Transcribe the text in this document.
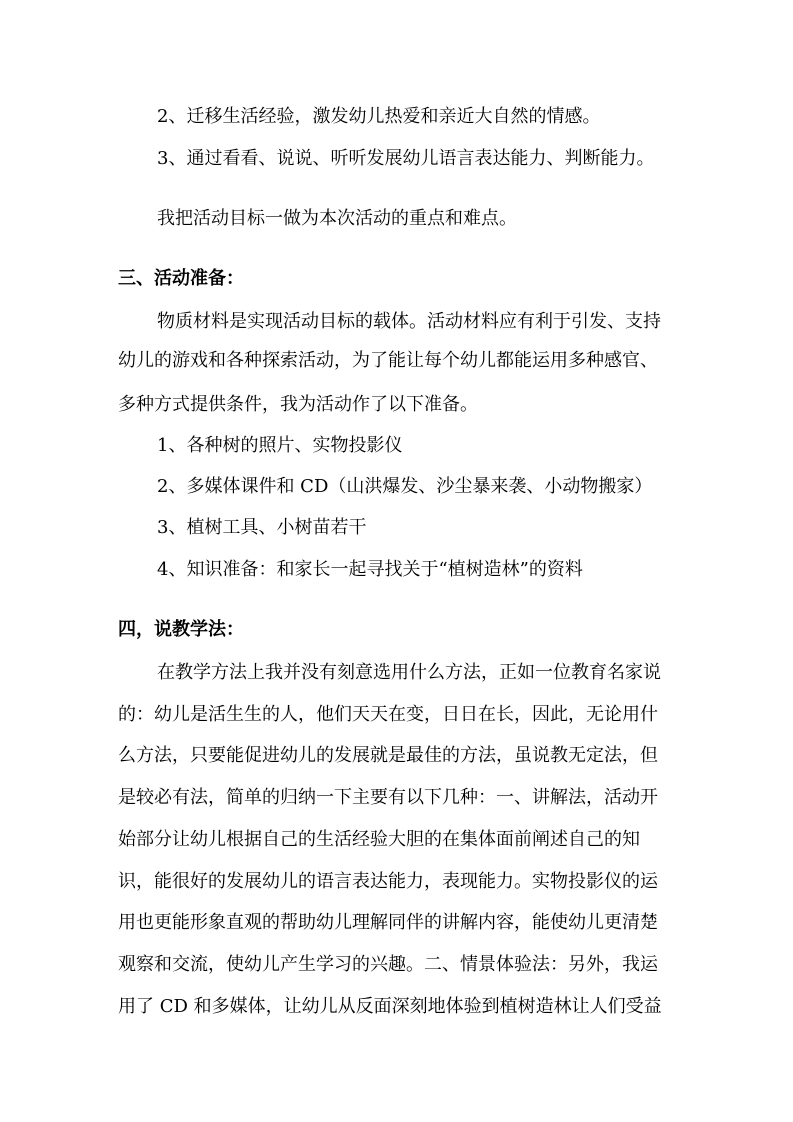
2、迁移生活经验，激发幼儿热爱和亲近大自然的情感。
3、通过看看、说说、听听发展幼儿语言表达能力、判断能力。
我把活动目标一做为本次活动的重点和难点。
三、活动准备：
物质材料是实现活动目标的载体。活动材料应有利于引发、支持
幼儿的游戏和各种探索活动，为了能让每个幼儿都能运用多种感官、
多种方式提供条件，我为活动作了以下准备。
1、各种树的照片、实物投影仪
2、多媒体课件和 CD（山洪爆发、沙尘暴来袭、小动物搬家）
3、植树工具、小树苗若干
4、知识准备：和家长一起寻找关于“植树造林”的资料
四，说教学法：
在教学方法上我并没有刻意选用什么方法，正如一位教育名家说
的：幼儿是活生生的人，他们天天在变，日日在长，因此，无论用什
么方法，只要能促进幼儿的发展就是最佳的方法，虽说教无定法，但
是较必有法，简单的归纳一下主要有以下几种：一、讲解法，活动开
始部分让幼儿根据自己的生活经验大胆的在集体面前阐述自己的知
识，能很好的发展幼儿的语言表达能力，表现能力。实物投影仪的运
用也更能形象直观的帮助幼儿理解同伴的讲解内容，能使幼儿更清楚
观察和交流，使幼儿产生学习的兴趣。二、情景体验法：另外，我运
用了 CD 和多媒体，让幼儿从反面深刻地体验到植树造林让人们受益
